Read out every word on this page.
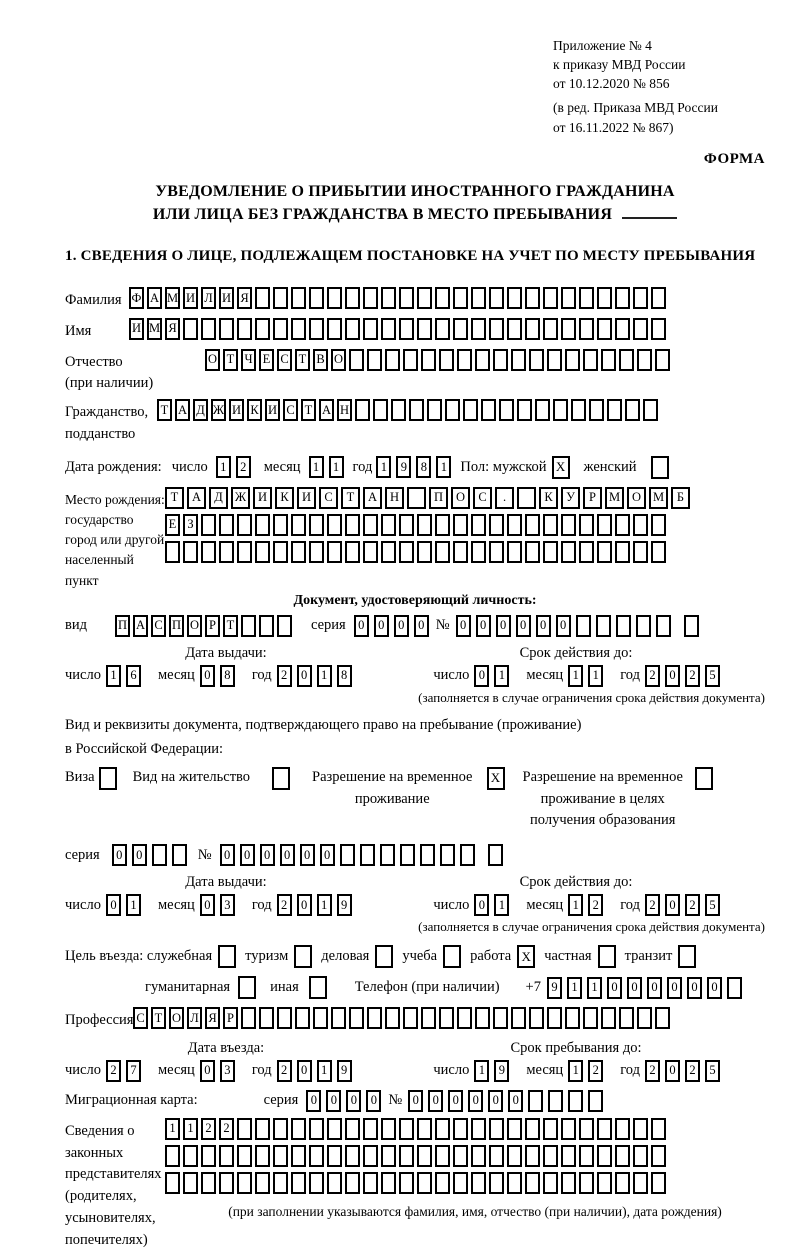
Приложение № 4
к приказу МВД России
от 10.12.2020 № 856
(в ред. Приказа МВД России
от 16.11.2022 № 867)
ФОРМА
УВЕДОМЛЕНИЕ О ПРИБЫТИИ ИНОСТРАННОГО ГРАЖДАНИНА
ИЛИ ЛИЦА БЕЗ ГРАЖДАНСТВА В МЕСТО ПРЕБЫВАНИЯ
1. СВЕДЕНИЯ О ЛИЦЕ, ПОДЛЕЖАЩЕМ ПОСТАНОВКЕ НА УЧЕТ ПО МЕСТУ ПРЕБЫВАНИЯ
Фамилия Ф А М И Л И Я
Имя	И М Я
Отчество
(при наличии)
О Т Ч Е С Т В О
Гражданство,
подданство
Т А Д Ж И К И С Т А Н
Дата рождения: число 1	2	месяц 1	1 год 1	9	8	1 Пол: мужской X женский
Место рождения:
государство
город или другой
населенный пункт
Т	А	Д Ж И	К	И	С	Т	А	Н	П	О	С	.	К	У	Р	М О М	Б
Е З
Документ, удостоверяющий личность:
вид П А С П О Р Т	серия 0	0	0	0 № 0	0	0	0	0	0
Дата выдачи:	Срок действия до:
число 1	6	месяц 0	8	год 2	0	1	8	число 0	1	месяц 1	1	год 2	0	2	5
(заполняется в случае ограничения срока действия документа)
Вид и реквизиты документа, подтверждающего право на пребывание (проживание)
в Российской Федерации:
Виза	Вид на жительство	Разрешение на временное
проживание
X Разрешение на временное
проживание в целях
получения образования
серия	0	0	№ 0	0	0	0	0	0
Дата выдачи:	Срок действия до:
число 0	1	месяц 0	3	год 2	0	1	9	число 0	1	месяц 1	2	год 2	0	2	5
(заполняется в случае ограничения срока действия документа)
Цель въезда: служебная туризм деловая учеба работа X частная транзит
гуманитарная	иная	Телефон (при наличии) +7 9	1	1	0	0	0	0	0	0
Профессия С Т О Л Я Р
Дата въезда:	Срок пребывания до:
число 2	7	месяц 0	3	год 2	0	1	9	число 1	9	месяц 1	2	год 2	0	2	5
Миграционная карта:	серия 0	0	0	0 № 0	0	0	0	0	0
Сведения о
законных
представителях
(родителях,
усыновителях,
попечителях)
1 1 2 2
(при заполнении указываются фамилия, имя, отчество (при наличии), дата рождения)
